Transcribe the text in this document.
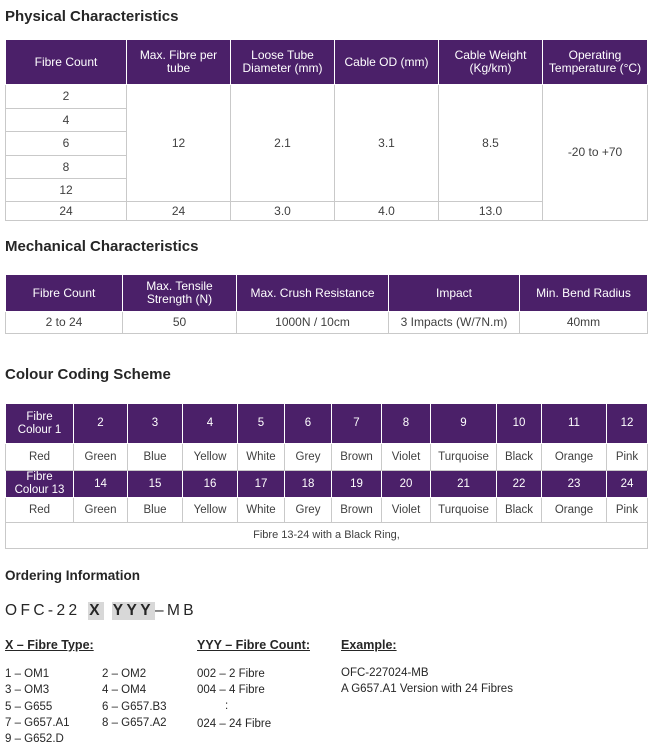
Physical Characteristics
Fibre Count	Max. Fibre per tube	Loose Tube Diameter (mm)	Cable OD (mm)	Cable Weight (Kg/km)	Operating Temperature (°C)
2	12	2.1	3.1	8.5	-20 to +70
4					
6					
8					
12					
24	24	3.0	4.0	13.0	
Mechanical Characteristics
Fibre Count	Max. Tensile Strength (N)	Max. Crush Resistance	Impact	Min. Bend Radius
2 to 24	50	1000N / 10cm	3 Impacts (W/7N.m)	40mm
Colour Coding Scheme
Fibre Colour 1	2	3	4	5	6	7	8	9	10	11	12
Red	Green	Blue	Yellow	White	Grey	Brown	Violet	Turquoise	Black	Orange	Pink
Fibre Colour 13	14	15	16	17	18	19	20	21	22	23	24
Red	Green	Blue	Yellow	White	Grey	Brown	Violet	Turquoise	Black	Orange	Pink
Fibre 13-24 with a Black Ring,											
Ordering Information
OFC-22 X YYY–MB
X – Fibre Type:	YYY – Fibre Count: Example:
1 – OM1
3 – OM3
5 – G655
7 – G657.A1
9 – G652.D
2 – OM2
4 – OM4
6 – G657.B3
8 – G657.A2
002 – 2 Fibre
004 – 4 Fibre
:
024 – 24 Fibre
OFC-227024-MB
A G657.A1 Version with 24 Fibres
